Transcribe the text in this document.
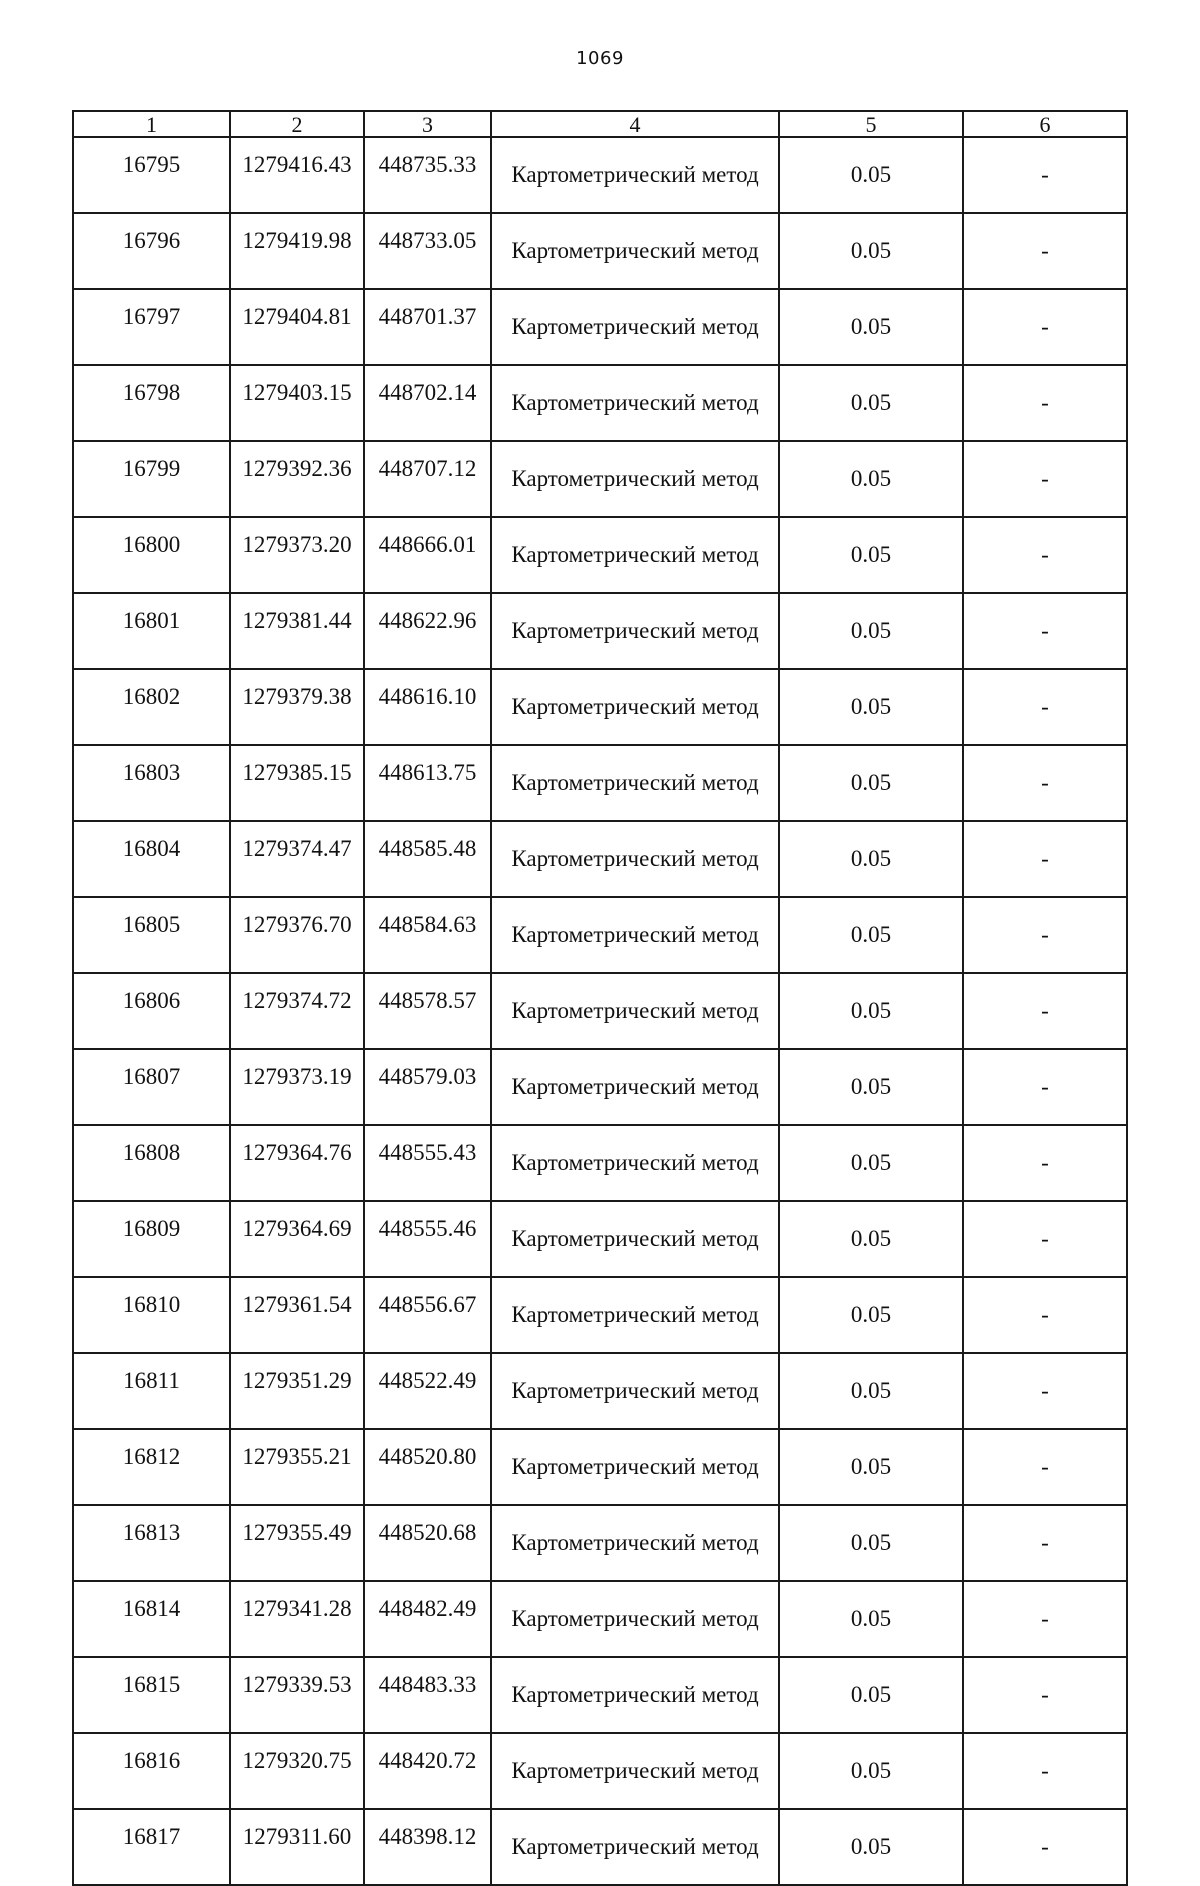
1069
1	2	3	4	5	6
16795	1279416.43	448735.33	Картометрический метод	0.05	-
16796	1279419.98	448733.05	Картометрический метод	0.05	-
16797	1279404.81	448701.37	Картометрический метод	0.05	-
16798	1279403.15	448702.14	Картометрический метод	0.05	-
16799	1279392.36	448707.12	Картометрический метод	0.05	-
16800	1279373.20	448666.01	Картометрический метод	0.05	-
16801	1279381.44	448622.96	Картометрический метод	0.05	-
16802	1279379.38	448616.10	Картометрический метод	0.05	-
16803	1279385.15	448613.75	Картометрический метод	0.05	-
16804	1279374.47	448585.48	Картометрический метод	0.05	-
16805	1279376.70	448584.63	Картометрический метод	0.05	-
16806	1279374.72	448578.57	Картометрический метод	0.05	-
16807	1279373.19	448579.03	Картометрический метод	0.05	-
16808	1279364.76	448555.43	Картометрический метод	0.05	-
16809	1279364.69	448555.46	Картометрический метод	0.05	-
16810	1279361.54	448556.67	Картометрический метод	0.05	-
16811	1279351.29	448522.49	Картометрический метод	0.05	-
16812	1279355.21	448520.80	Картометрический метод	0.05	-
16813	1279355.49	448520.68	Картометрический метод	0.05	-
16814	1279341.28	448482.49	Картометрический метод	0.05	-
16815	1279339.53	448483.33	Картометрический метод	0.05	-
16816	1279320.75	448420.72	Картометрический метод	0.05	-
16817	1279311.60	448398.12	Картометрический метод	0.05	-
